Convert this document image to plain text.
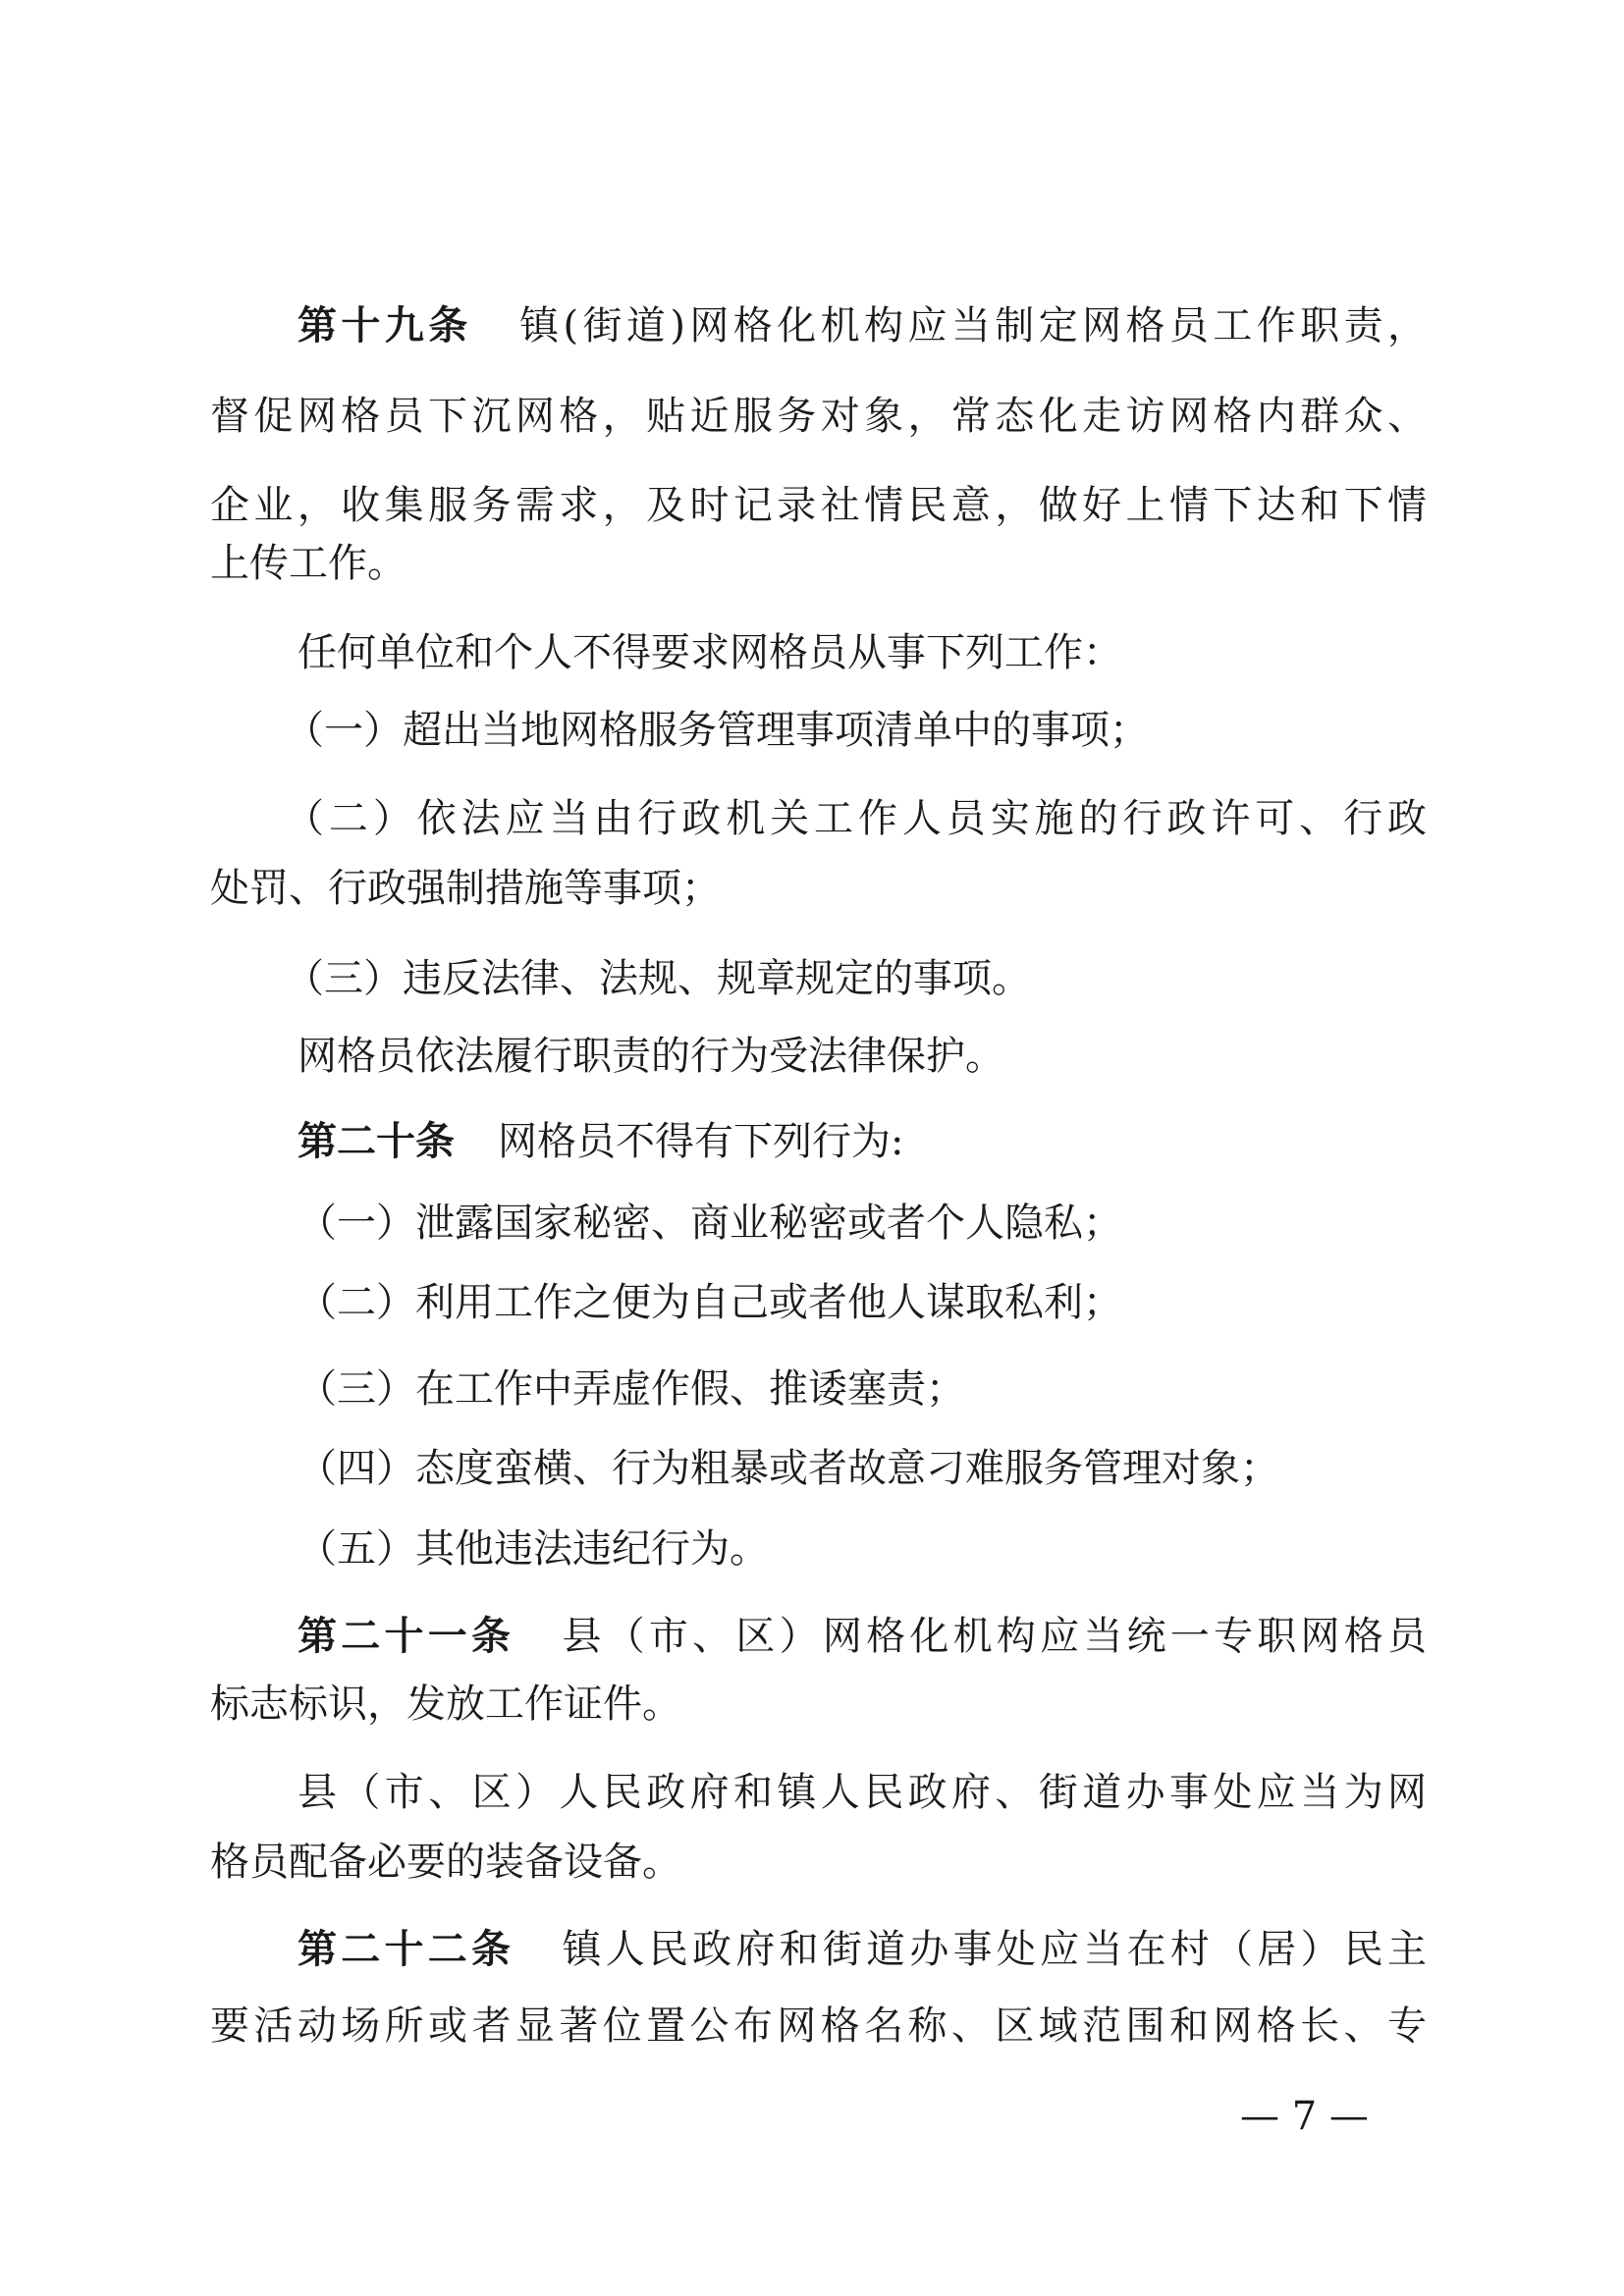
第十九条 镇(街道)网格化机构应当制定网格员工作职责，
督促网格员下沉网格，贴近服务对象，常态化走访网格内群众、
企业，收集服务需求，及时记录社情民意，做好上情下达和下情
上传工作。
任何单位和个人不得要求网格员从事下列工作：
（一）超出当地网格服务管理事项清单中的事项；
（二）依法应当由行政机关工作人员实施的行政许可、行政
处罚、行政强制措施等事项；
（三）违反法律、法规、规章规定的事项。
网格员依法履行职责的行为受法律保护。
第二十条 网格员不得有下列行为:
（一）泄露国家秘密、商业秘密或者个人隐私；
（二）利用工作之便为自己或者他人谋取私利；
（三）在工作中弄虚作假、推诿塞责；
（四）态度蛮横、行为粗暴或者故意刁难服务管理对象；
（五）其他违法违纪行为。
第二十一条 县（市、区）网格化机构应当统一专职网格员
标志标识，发放工作证件。
县（市、区）人民政府和镇人民政府、街道办事处应当为网
格员配备必要的装备设备。
第二十二条 镇人民政府和街道办事处应当在村（居）民主
要活动场所或者显著位置公布网格名称、区域范围和网格长、专
— 7 —
